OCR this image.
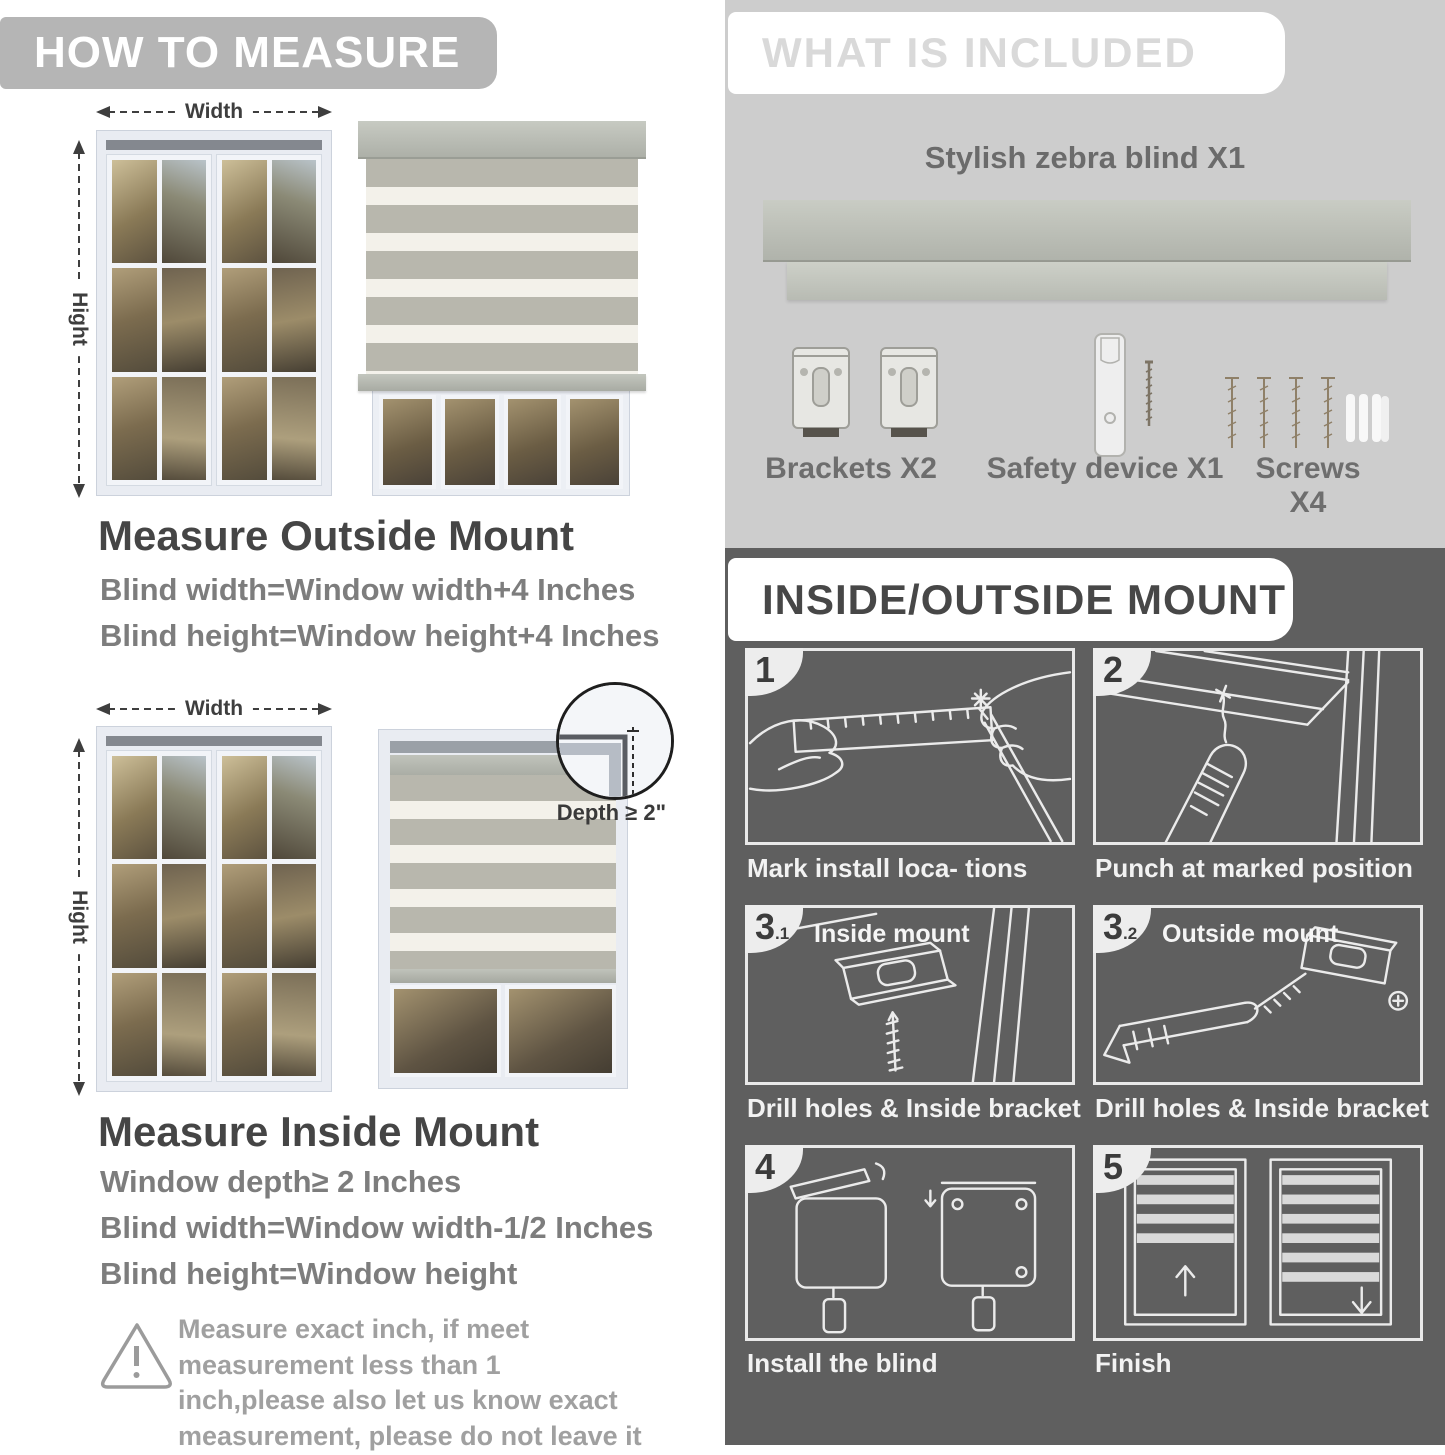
HOW TO MEASURE
Width
Hight
Measure Outside Mount
Blind width=Window width+4 Inches
Blind height=Window height+4 Inches
Width
Hight
Depth ≥ 2"
Measure Inside Mount
Window depth≥ 2 Inches
Blind width=Window width-1/2 Inches
Blind height=Window height
Measure exact inch, if meet measurement less than 1 inch,please also let us know exact measurement, please do not leave it
WHAT IS INCLUDED
Stylish zebra blind X1
Brackets X2	Safety device X1	Screws X4
INSIDE/OUTSIDE MOUNT
1	2
Mark install loca- tions	Punch at marked position
3.1 Inside mount	3.2 Outside mount
Drill holes & Inside bracket Drill holes & Inside bracket
4	5
Install the blind	Finish
